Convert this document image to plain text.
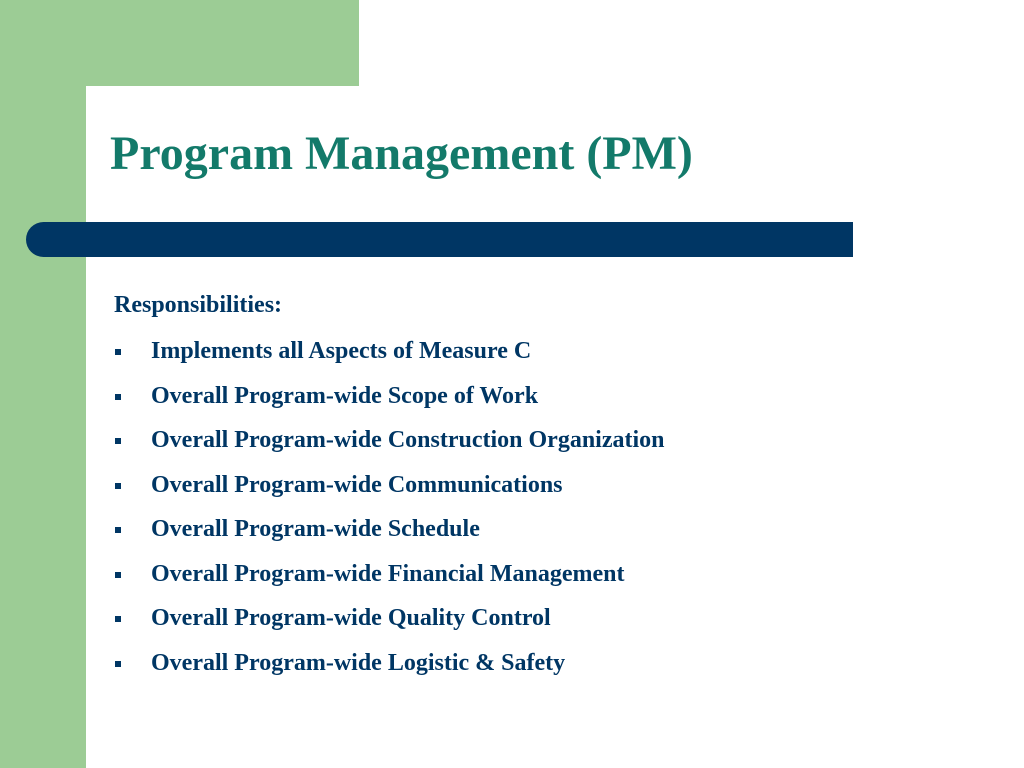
Program Management (PM)

Responsibilities:

Implements all Aspects of Measure C
Overall Program-wide Scope of Work
Overall Program-wide Construction Organization
Overall Program-wide Communications
Overall Program-wide Schedule
Overall Program-wide Financial Management
Overall Program-wide Quality Control
Overall Program-wide Logistic & Safety
